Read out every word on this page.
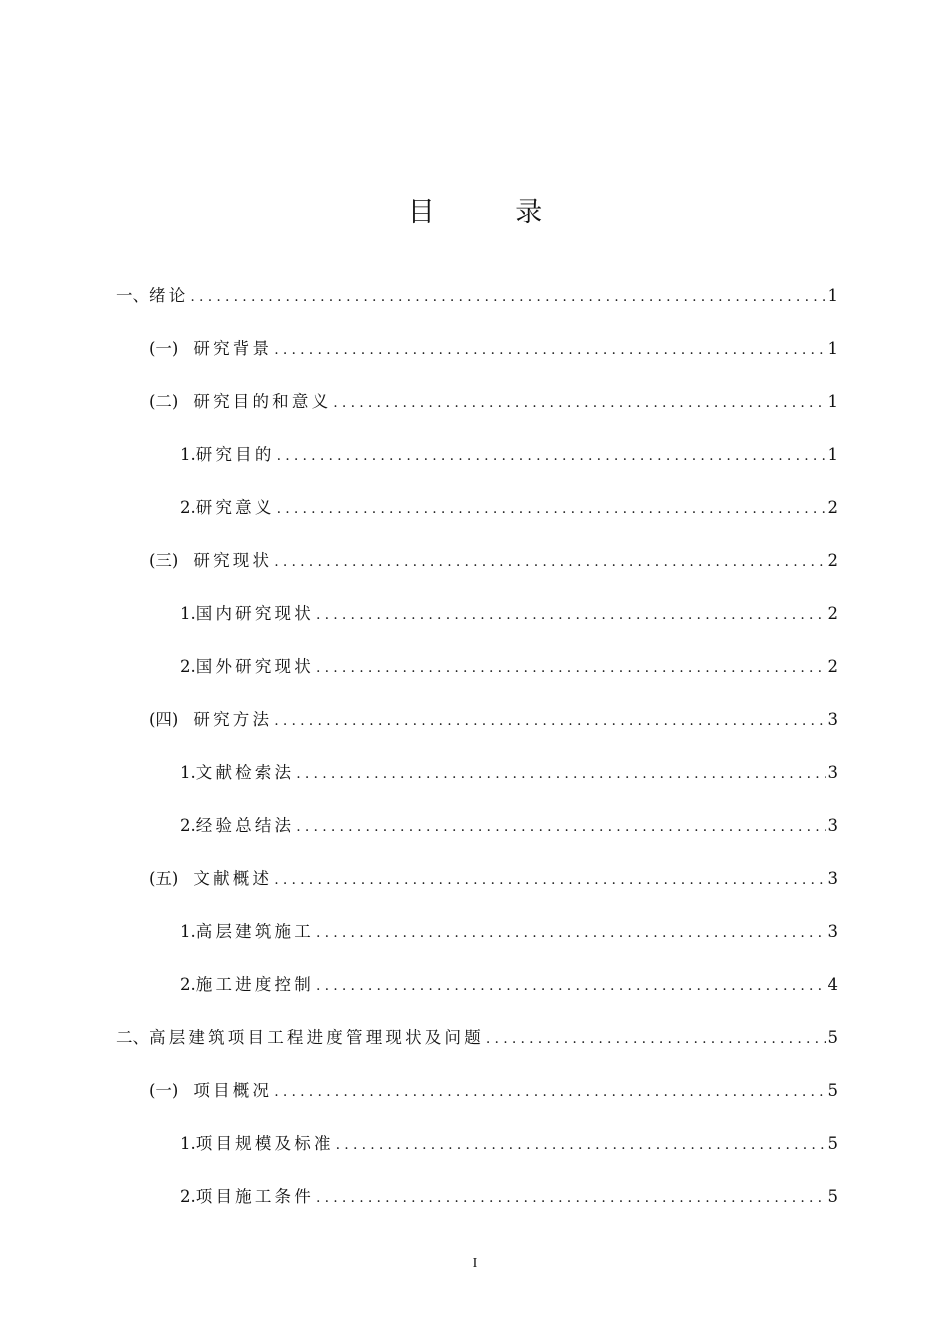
目 录
一、绪论 .....	1
(一) 研究背景 .....	1
(二) 研究目的和意义 .....	1
1.研究目的 .....	1
2.研究意义 .....	2
(三) 研究现状 .....	2
1.国内研究现状 .....	2
2.国外研究现状 .....	2
(四) 研究方法 .....	3
1.文献检索法 .....	3
2.经验总结法 .....	3
(五) 文献概述 .....	3
1.高层建筑施工 .....	3
2.施工进度控制 .....	4
二、高层建筑项目工程进度管理现状及问题 .....	5
(一) 项目概况 .....	5
1.项目规模及标准 .....	5
2.项目施工条件 .....	5
I
